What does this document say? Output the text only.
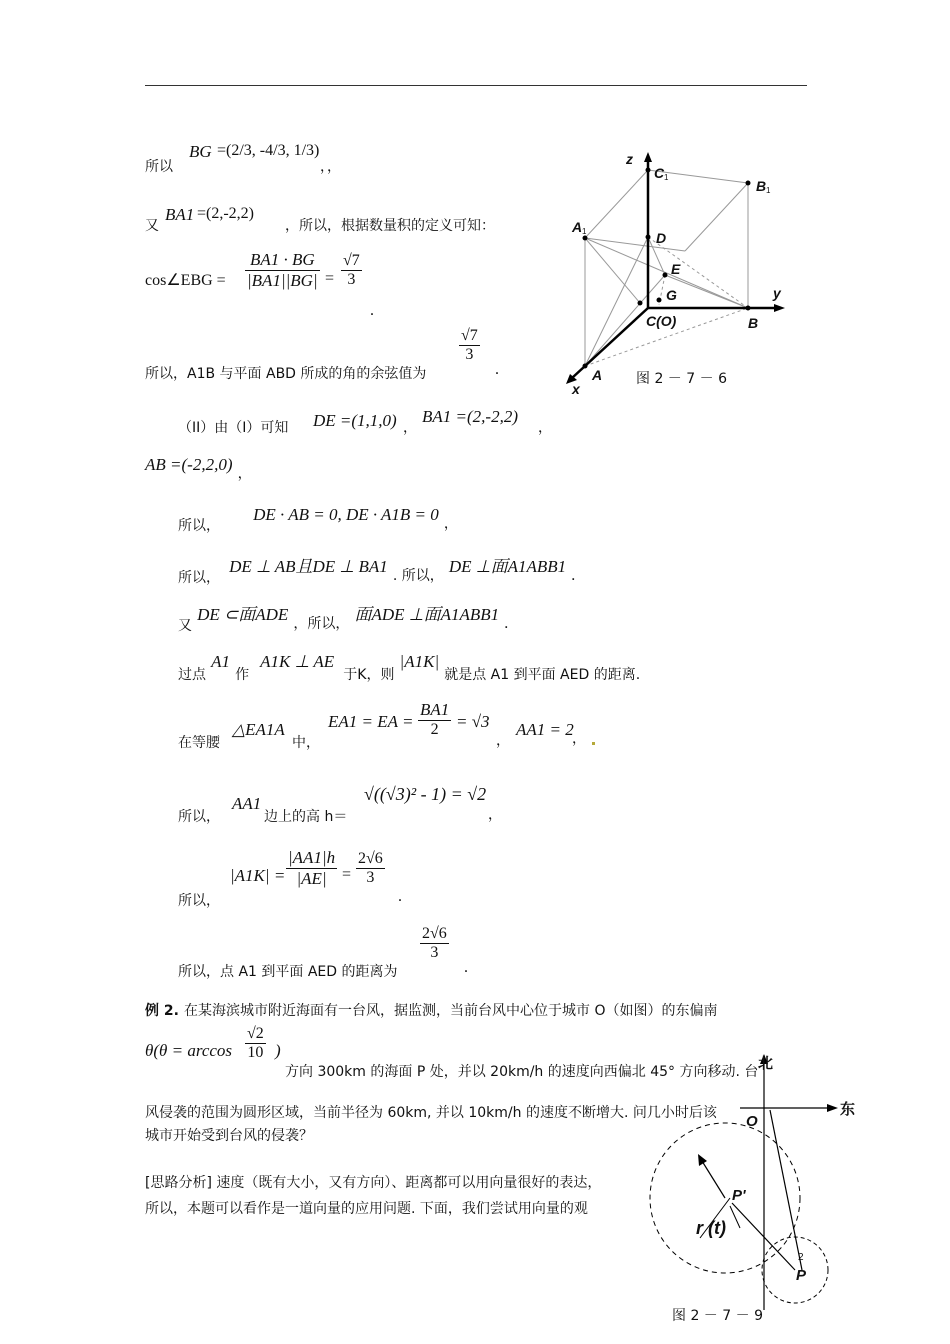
所以
BG =(2/3, -4/3, 1/3)
，，
又
BA1 =(2,-2,2)
，所以，根据数量积的定义可知：
cos∠EBG = $\frac{BA1 \cdot BG}{|BA1||BG|} = \frac{√7}{3}$
.
所以，A1B 与平面 ABD 所成的角的余弦值为
$\frac{√7}{3}$
.
（II）由（I）可知 DE =(1,1,0) ，
BA1 =(2,-2,2)
，
AB =(-2,2,0) ，
所以， DE · AB = 0, DE · A1B = 0 ，
所以， DE ⊥ AB且DE ⊥ BA1 . 所以， DE ⊥面A1ABB1 .
又 DE ⊂面ADE ，所以， 面ADE ⊥面A1ABB1 .
过点 A1 作 A1K ⊥ AE 于K，则 |A1K| 就是点 A1 到平面 AED 的距离.
在等腰
△EA1A
中，
EA1 = EA = $\frac{BA1}{2} = √3$
，
AA1 = 2
，
所以，
AA1
边上的高 h＝
√((√3)² - 1) = √2
，
所以，
$|A1K| = \frac{|AA1|h}{|AE|} = \frac{2√6}{3}$
.
所以，点 A1 到平面 AED 的距离为
$\frac{2√6}{3}$
.
例 2. 在某海滨城市附近海面有一台风，据监测，当前台风中心位于城市 O（如图）的东偏南
$\theta(\theta = \arccos \frac{√2}{10}$ )
方向 300km 的海面 P 处，并以 20km/h 的速度向西偏北 45° 方向移动. 台
风侵袭的范围为圆形区域，当前半径为 60km, 并以 10km/h 的速度不断增大. 问几小时后该
城市开始受到台风的侵袭？
[思路分析] 速度（既有大小，又有方向）、距离都可以用向量很好的表达，
所以，本题可以看作是一道向量的应用问题. 下面，我们尝试用向量的观
z
y
x
C
B
A
D
E
G
C(O)	B
A
1
1
1
图 2 － 7 － 6
北
东
O
P'
r (t)
P
2
图 2 － 7 － 9
